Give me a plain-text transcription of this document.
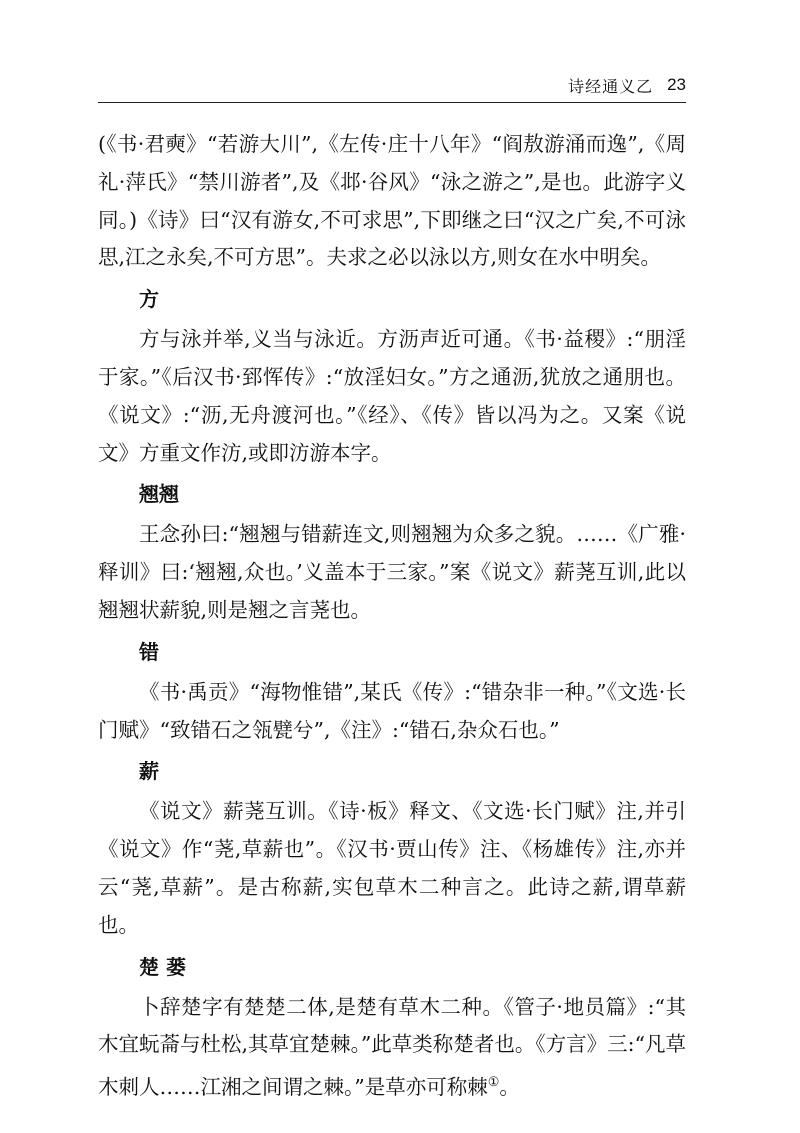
诗经通义乙 23

(《书·君奭》“若游大川”,《左传·庄十八年》“阎敖游涌而逸”,《周礼·萍氏》“禁川游者”,及《邶·谷风》“泳之游之”,是也。此游字义同。)《诗》曰“汉有游女,不可求思”,下即继之曰“汉之广矣,不可泳思,江之永矣,不可方思”。夫求之必以泳以方,则女在水中明矣。

方

方与泳并举,义当与泳近。方沥声近可通。《书·益稷》:“朋淫于家。”《后汉书·郅恽传》:“放淫妇女。”方之通沥,犹放之通朋也。《说文》:“沥,无舟渡河也。”《经》、《传》皆以冯为之。又案《说文》方重文作汸,或即汸游本字。

翘翘

王念孙曰:“翘翘与错薪连文,则翘翘为众多之貌。……《广雅·释训》曰:‘翘翘,众也。’义盖本于三家。”案《说文》薪荛互训,此以翘翘状薪貌,则是翘之言荛也。

错

《书·禹贡》“海物惟错”,某氏《传》:“错杂非一种。”《文选·长门赋》“致错石之瓴甓兮”,《注》:“错石,杂众石也。”

薪

《说文》薪荛互训。《诗·板》释文、《文选·长门赋》注,并引《说文》作“荛,草薪也”。《汉书·贾山传》注、《杨雄传》注,亦并云“荛,草薪”。是古称薪,实包草木二种言之。此诗之薪,谓草薪也。

楚 蒌

卜辞楚字有楚楚二体,是楚有草木二种。《管子·地员篇》:“其木宜蚖菕与杜松,其草宜楚棘。”此草类称楚者也。《方言》三:“凡草木刺人……江湘之间谓之棘。”是草亦可称棘①。
